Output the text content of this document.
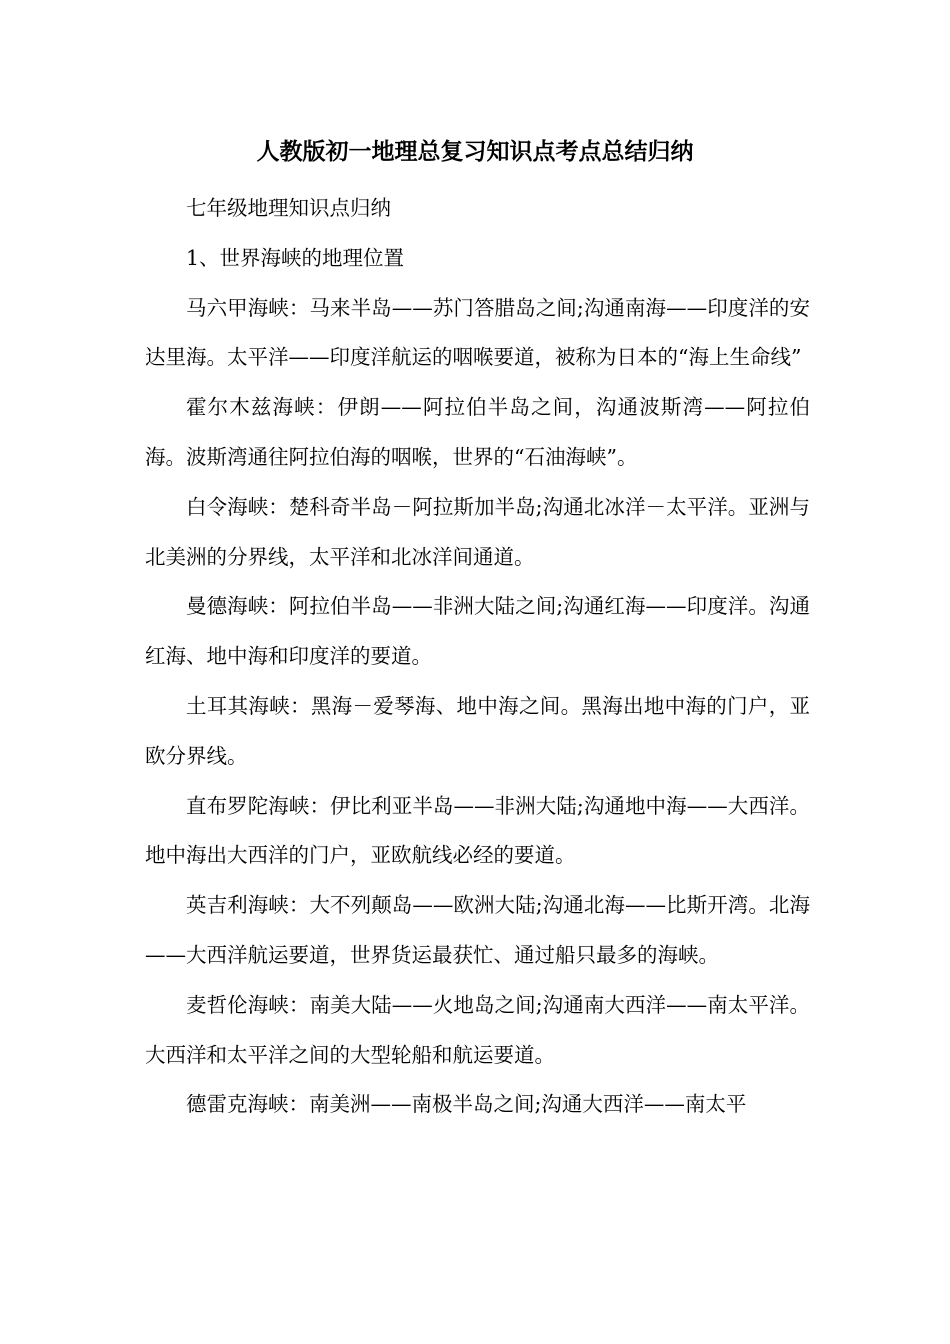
人教版初一地理总复习知识点考点总结归纳

七年级地理知识点归纳

1、世界海峡的地理位置

马六甲海峡：马来半岛——苏门答腊岛之间;沟通南海——印度洋的安达里海。太平洋——印度洋航运的咽喉要道，被称为日本的“海上生命线”

霍尔木兹海峡：伊朗——阿拉伯半岛之间，沟通波斯湾——阿拉伯海。波斯湾通往阿拉伯海的咽喉，世界的“石油海峡”。

白令海峡：楚科奇半岛－阿拉斯加半岛;沟通北冰洋－太平洋。亚洲与北美洲的分界线，太平洋和北冰洋间通道。

曼德海峡：阿拉伯半岛——非洲大陆之间;沟通红海——印度洋。沟通红海、地中海和印度洋的要道。

土耳其海峡：黑海－爱琴海、地中海之间。黑海出地中海的门户，亚欧分界线。

直布罗陀海峡：伊比利亚半岛——非洲大陆;沟通地中海——大西洋。地中海出大西洋的门户，亚欧航线必经的要道。

英吉利海峡：大不列颠岛——欧洲大陆;沟通北海——比斯开湾。北海——大西洋航运要道，世界货运最获忙、通过船只最多的海峡。

麦哲伦海峡：南美大陆——火地岛之间;沟通南大西洋——南太平洋。大西洋和太平洋之间的大型轮船和航运要道。

德雷克海峡：南美洲——南极半岛之间;沟通大西洋——南太平
